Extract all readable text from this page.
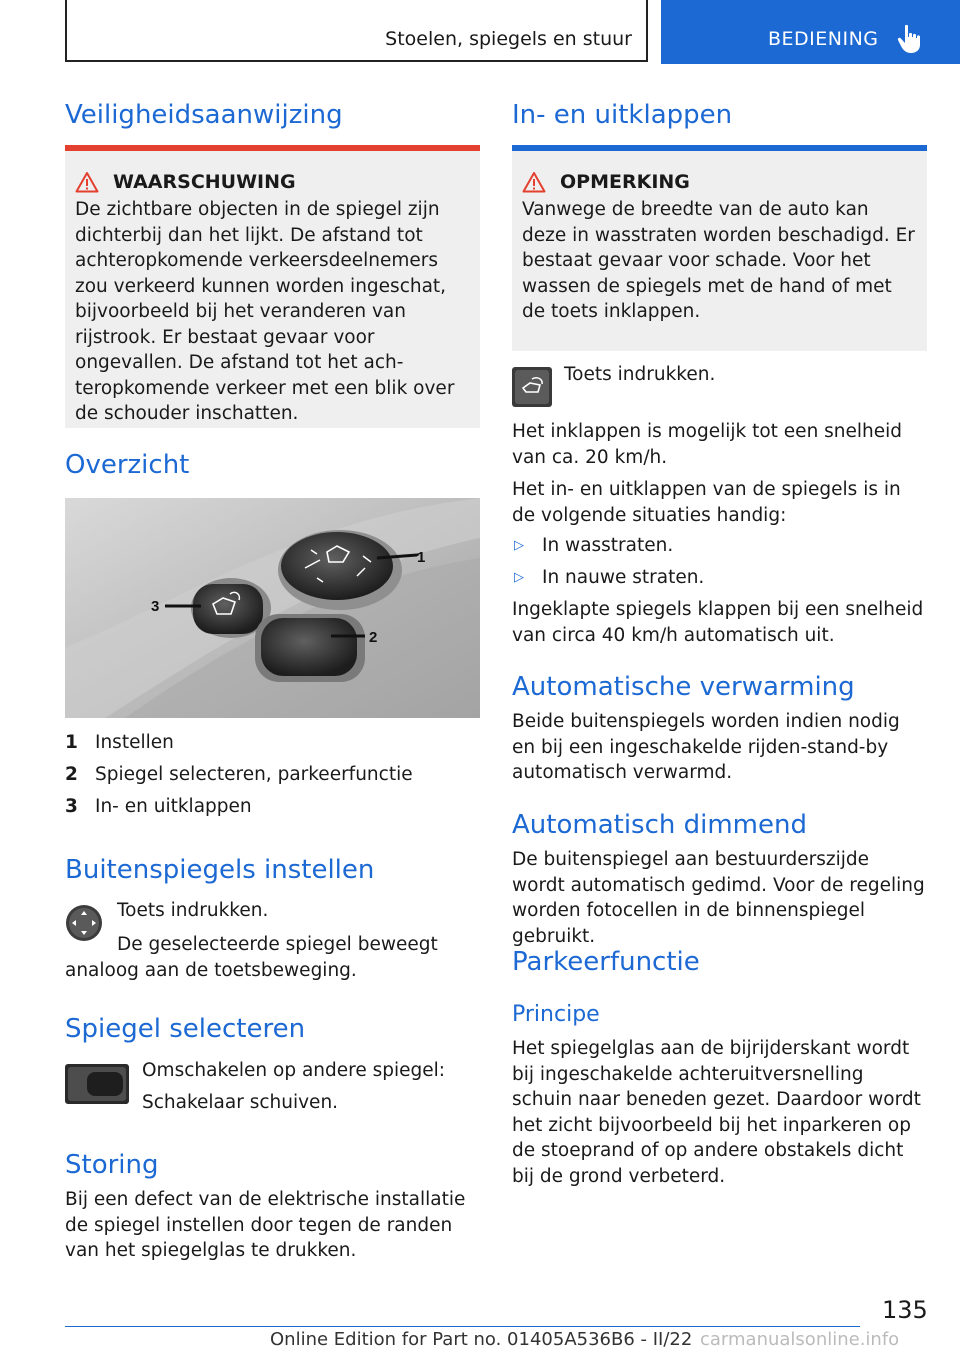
Stoelen, spiegels en stuur	BEDIENING
Veiligheidsaanwijzing
WAARSCHUWING

De zichtbare objecten in de spiegel zijn dichterbij dan het lijkt. De afstand tot achteropkomende verkeersdeelnemers zou verkeerd kunnen worden ingeschat, bijvoorbeeld bij het veranderen van rijstrook. Er bestaat gevaar voor ongevallen. De afstand tot het achteropkomende verkeer met een blik over de schouder inschatten.

Overzicht
1
2
3
1 Instellen
2 Spiegel selecteren, parkeerfunctie
3 In- en uitklappen
Buitenspiegels instellen

Toets indrukken.

De geselecteerde spiegel beweegt analoog aan de toetsbeweging.

Spiegel selecteren

Omschakelen op andere spiegel:

Schakelaar schuiven.

Storing

Bij een defect van de elektrische installatie de spiegel instellen door tegen de randen van het spiegelglas te drukken.

In- en uitklappen
OPMERKING

Vanwege de breedte van de auto kan deze in wasstraten worden beschadigd. Er bestaat gevaar voor schade. Voor het wassen de spiegels met de hand of met de toets inklappen.

Toets indrukken.

Het inklappen is mogelijk tot een snelheid van ca. 20 km/h.

Het in- en uitklappen van de spiegels is in de volgende situaties handig:

▷ In wasstraten.
▷ In nauwe straten.

Ingeklapte spiegels klappen bij een snelheid van circa 40 km/h automatisch uit.

Automatische verwarming

Beide buitenspiegels worden indien nodig en bij een ingeschakelde rijden-stand-by automatisch verwarmd.

Automatisch dimmend

De buitenspiegel aan bestuurderszijde wordt automatisch gedimd. Voor de regeling worden fotocellen in de binnenspiegel gebruikt.

Parkeerfunctie
Principe

Het spiegelglas aan de bijrijderskant wordt bij ingeschakelde achteruitversnelling schuin naar beneden gezet. Daardoor wordt het zicht bijvoorbeeld bij het inparkeren op de stoeprand of op andere obstakels dicht bij de grond verbeterd.

135
Online Edition for Part no. 01405A536B6 - II/22 carmanualsonline.info
